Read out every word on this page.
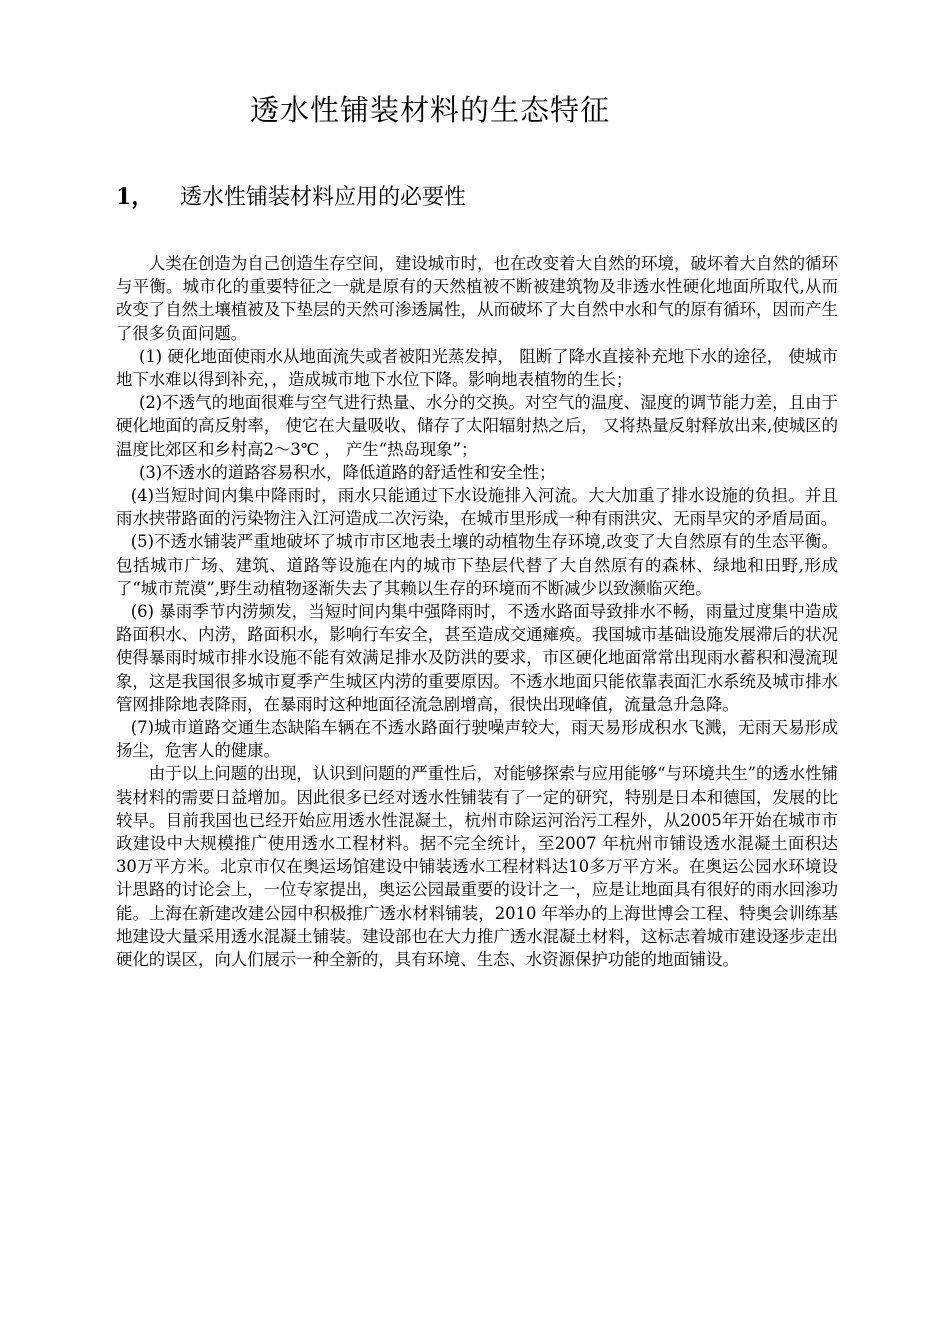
透水性铺装材料的生态特征
1， 透水性铺装材料应用的必要性

人类在创造为自己创造生存空间，建设城市时，也在改变着大自然的环境，破坏着大自然的循环与平衡。城市化的重要特征之一就是原有的天然植被不断被建筑物及非透水性硬化地面所取代,从而改变了自然土壤植被及下垫层的天然可渗透属性，从而破坏了大自然中水和气的原有循环，因而产生了很多负面问题。

(1) 硬化地面使雨水从地面流失或者被阳光蒸发掉， 阻断了降水直接补充地下水的途径， 使城市地下水难以得到补充，，造成城市地下水位下降。影响地表植物的生长；

(2)不透气的地面很难与空气进行热量、水分的交换。对空气的温度、湿度的调节能力差，且由于硬化地面的高反射率， 使它在大量吸收、储存了太阳辐射热之后， 又将热量反射释放出来,使城区的温度比郊区和乡村高2～3℃ ， 产生“热岛现象”；

(3)不透水的道路容易积水，降低道路的舒适性和安全性；

(4)当短时间内集中降雨时，雨水只能通过下水设施排入河流。大大加重了排水设施的负担。并且雨水挟带路面的污染物注入江河造成二次污染，在城市里形成一种有雨洪灾、无雨旱灾的矛盾局面。

(5)不透水铺装严重地破坏了城市市区地表土壤的动植物生存环境,改变了大自然原有的生态平衡。包括城市广场、建筑、道路等设施在内的城市下垫层代替了大自然原有的森林、绿地和田野,形成了“城市荒漠”,野生动植物逐渐失去了其赖以生存的环境而不断减少以致濒临灭绝。

(6) 暴雨季节内涝频发，当短时间内集中强降雨时，不透水路面导致排水不畅，雨量过度集中造成路面积水、内涝，路面积水，影响行车安全，甚至造成交通瘫痪。我国城市基础设施发展滞后的状况使得暴雨时城市排水设施不能有效满足排水及防洪的要求，市区硬化地面常常出现雨水蓄积和漫流现象，这是我国很多城市夏季产生城区内涝的重要原因。不透水地面只能依靠表面汇水系统及城市排水管网排除地表降雨，在暴雨时这种地面径流急剧增高，很快出现峰值，流量急升急降。

(7)城市道路交通生态缺陷车辆在不透水路面行驶噪声较大，雨天易形成积水飞溅，无雨天易形成扬尘，危害人的健康。

由于以上问题的出现，认识到问题的严重性后，对能够探索与应用能够“与环境共生”的透水性铺装材料的需要日益增加。因此很多已经对透水性铺装有了一定的研究，特别是日本和德国，发展的比较早。目前我国也已经开始应用透水性混凝土，杭州市除运河治污工程外，从2005年开始在城市市政建设中大规模推广使用透水工程材料。据不完全统计，至2007 年杭州市铺设透水混凝土面积达30万平方米。北京市仅在奥运场馆建设中铺装透水工程材料达10多万平方米。在奥运公园水环境设计思路的讨论会上，一位专家提出，奥运公园最重要的设计之一，应是让地面具有很好的雨水回渗功能。上海在新建改建公园中积极推广透水材料铺装，2010 年举办的上海世博会工程、特奥会训练基地建设大量采用透水混凝土铺装。建设部也在大力推广透水混凝土材料，这标志着城市建设逐步走出硬化的误区，向人们展示一种全新的，具有环境、生态、水资源保护功能的地面铺设。
